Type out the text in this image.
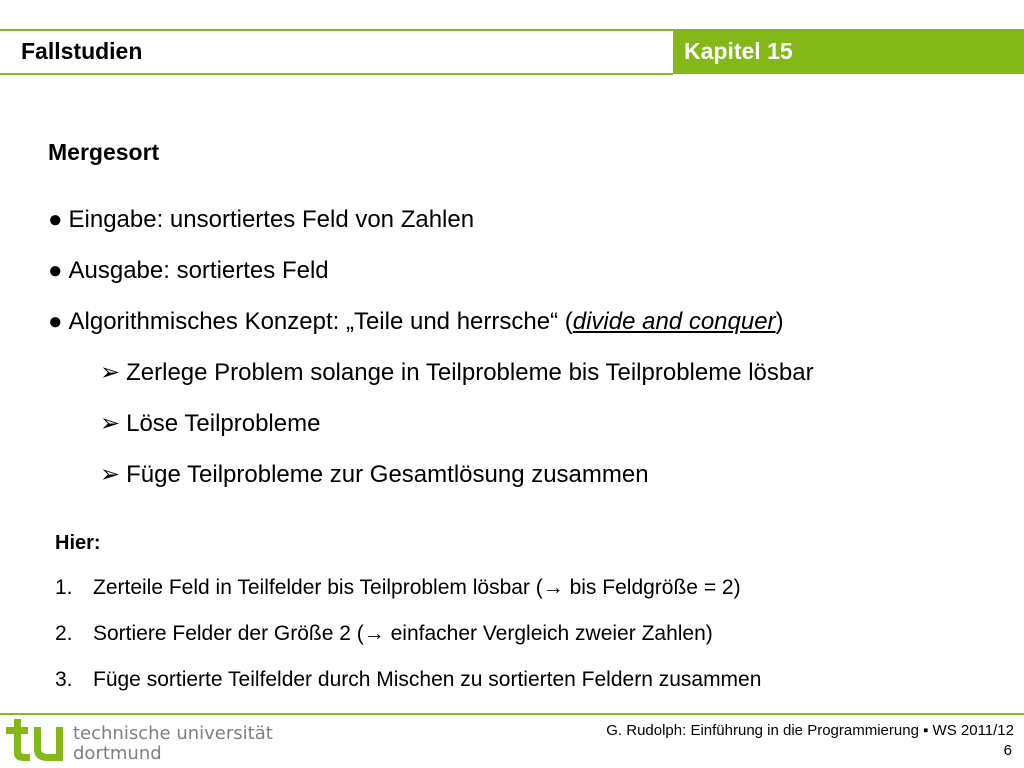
Fallstudien	Kapitel 15
Mergesort
● Eingabe: unsortiertes Feld von Zahlen
● Ausgabe: sortiertes Feld
● Algorithmisches Konzept: „Teile und herrsche“ (divide and conquer)
➢ Zerlege Problem solange in Teilprobleme bis Teilprobleme lösbar
➢ Löse Teilprobleme
➢ Füge Teilprobleme zur Gesamtlösung zusammen
Hier:
1. Zerteile Feld in Teilfelder bis Teilproblem lösbar (→ bis Feldgröße = 2)
2. Sortiere Felder der Größe 2 (→ einfacher Vergleich zweier Zahlen)
3. Füge sortierte Teilfelder durch Mischen zu sortierten Feldern zusammen
technische universität
dortmund
G. Rudolph: Einführung in die Programmierung ▪ WS 2011/12
6
